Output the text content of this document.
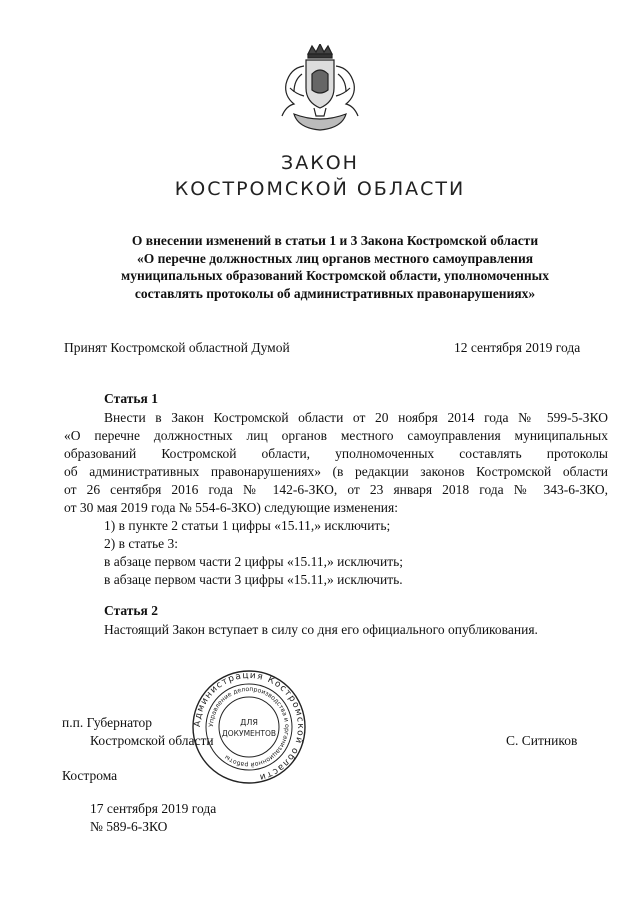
ЗАКОН
КОСТРОМСКОЙ ОБЛАСТИ
О внесении изменений в статьи 1 и 3 Закона Костромской области
«О перечне должностных лиц органов местного самоуправления
муниципальных образований Костромской области, уполномоченных
составлять протоколы об административных правонарушениях»
Принят Костромской областной Думой	12 сентября 2019 года
Статья 1
Внести в Закон Костромской области от 20 ноября 2014 года № 599-5-ЗКО
«О перечне должностных лиц органов местного самоуправления муниципальных
образований Костромской области, уполномоченных составлять протоколы
об административных правонарушениях» (в редакции законов Костромской области
от 26 сентября 2016 года № 142-6-ЗКО, от 23 января 2018 года № 343-6-ЗКО,
от 30 мая 2019 года № 554-6-ЗКО) следующие изменения:
1) в пункте 2 статьи 1 цифры «15.11,» исключить;
2) в статье 3:
в абзаце первом части 2 цифры «15.11,» исключить;
в абзаце первом части 3 цифры «15.11,» исключить.
Статья 2
Настоящий Закон вступает в силу со дня его официального опубликования.
п.п. Губернатор
Костромской области	С. Ситников
Кострома
17 сентября 2019 года
№ 589-6-ЗКО
Администрация Костромской области
Управление делопроизводства и организационной работы
ДЛЯ
ДОКУМЕНТОВ
